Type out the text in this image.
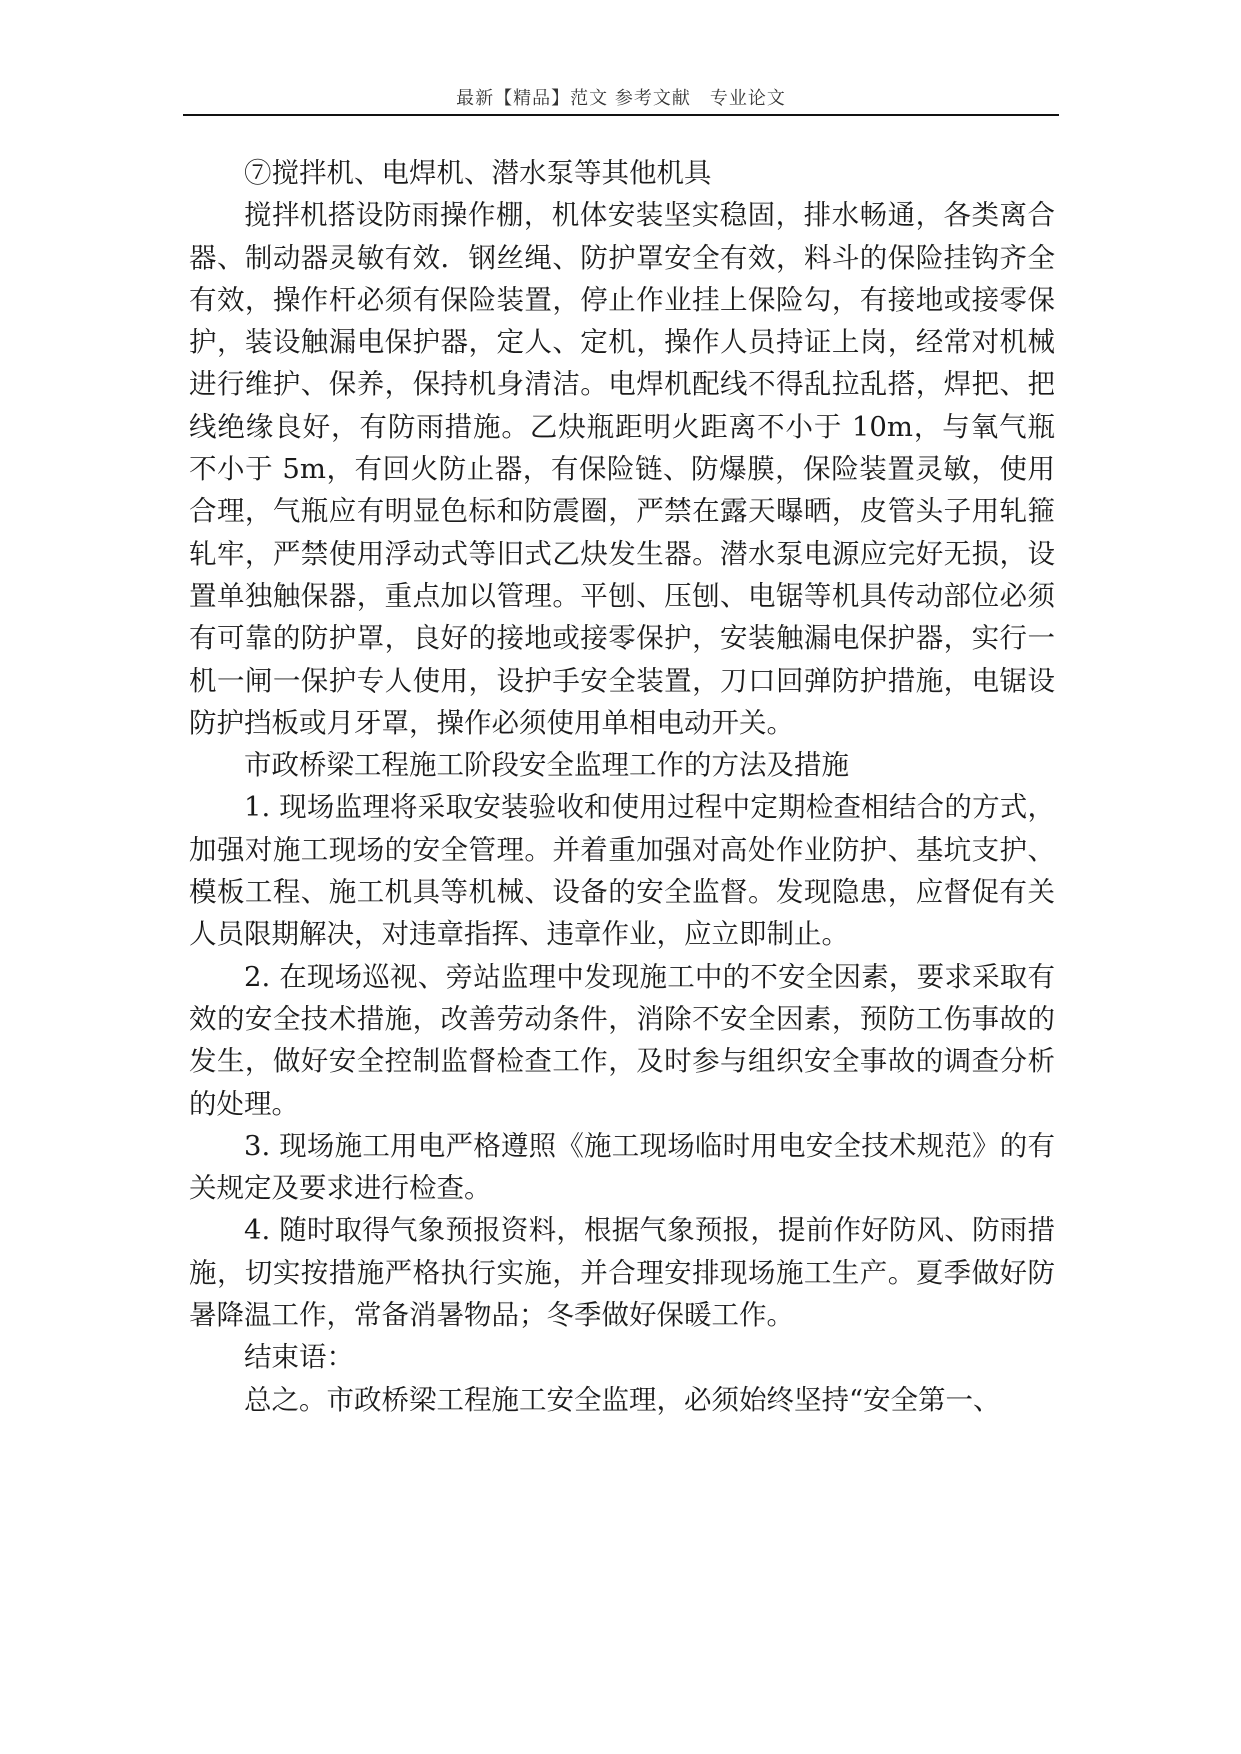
最新【精品】范文 参考文献　专业论文

⑦搅拌机、电焊机、潜水泵等其他机具

搅拌机搭设防雨操作棚，机体安装坚实稳固，排水畅通，各类离合器、制动器灵敏有效．钢丝绳、防护罩安全有效，料斗的保险挂钩齐全有效，操作杆必须有保险装置，停止作业挂上保险勾，有接地或接零保护，装设触漏电保护器，定人、定机，操作人员持证上岗，经常对机械进行维护、保养，保持机身清洁。电焊机配线不得乱拉乱搭，焊把、把线绝缘良好，有防雨措施。乙炔瓶距明火距离不小于 10m，与氧气瓶不小于 5m，有回火防止器，有保险链、防爆膜，保险装置灵敏，使用合理，气瓶应有明显色标和防震圈，严禁在露天曝晒，皮管头子用轧箍轧牢，严禁使用浮动式等旧式乙炔发生器。潜水泵电源应完好无损，设置单独触保器，重点加以管理。平刨、压刨、电锯等机具传动部位必须有可靠的防护罩，良好的接地或接零保护，安装触漏电保护器，实行一机一闸一保护专人使用，设护手安全装置，刀口回弹防护措施，电锯设防护挡板或月牙罩，操作必须使用单相电动开关。

市政桥梁工程施工阶段安全监理工作的方法及措施

1. 现场监理将采取安装验收和使用过程中定期检查相结合的方式，加强对施工现场的安全管理。并着重加强对高处作业防护、基坑支护、模板工程、施工机具等机械、设备的安全监督。发现隐患，应督促有关人员限期解决，对违章指挥、违章作业，应立即制止。

2. 在现场巡视、旁站监理中发现施工中的不安全因素，要求采取有效的安全技术措施，改善劳动条件，消除不安全因素，预防工伤事故的发生，做好安全控制监督检查工作，及时参与组织安全事故的调查分析的处理。

3. 现场施工用电严格遵照《施工现场临时用电安全技术规范》的有关规定及要求进行检查。

4. 随时取得气象预报资料，根据气象预报，提前作好防风、防雨措施，切实按措施严格执行实施，并合理安排现场施工生产。夏季做好防暑降温工作，常备消暑物品；冬季做好保暖工作。

结束语：

总之。市政桥梁工程施工安全监理，必须始终坚持“安全第一、
